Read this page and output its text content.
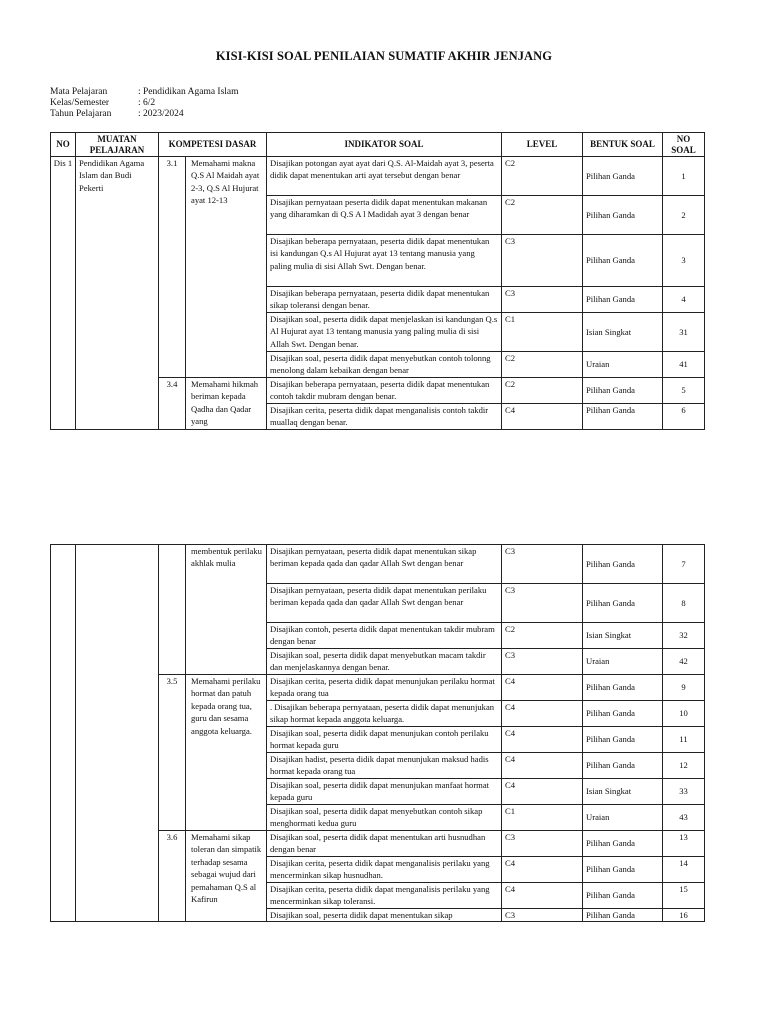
KISI-KISI SOAL PENILAIAN SUMATIF AKHIR JENJANG
Mata Pelajaran	: Pendidikan Agama Islam
Kelas/Semester	: 6/2
Tahun Pelajaran	: 2023/2024
NO	MUATAN PELAJARAN	KOMPETESI DASAR		INDIKATOR SOAL	LEVEL	BENTUK SOAL	NO SOAL
Dis 1	Pendidikan Agama Islam dan Budi Pekerti	3.1	Memahami makna Q.S Al Maidah ayat 2-3, Q.S Al Hujurat ayat 12-13	Disajikan potongan ayat ayat dari Q.S. Al-Maidah ayat 3, peserta didik dapat menentukan arti ayat tersebut dengan benar	C2	Pilihan Ganda	1
				Disajikan pernyataan peserta didik dapat menentukan makanan yang diharamkan di Q.S A l Madidah ayat 3 dengan benar	C2	Pilihan Ganda	2
				Disajikan beberapa pernyataan, peserta didik dapat menentukan isi kandungan Q.s Al Hujurat ayat 13 tentang manusia yang paling mulia di sisi Allah Swt. Dengan benar.	C3	Pilihan Ganda	3
				Disajikan beberapa pernyataan, peserta didik dapat menentukan sikap toleransi dengan benar.	C3	Pilihan Ganda	4
				Disajikan soal, peserta didik dapat menjelaskan isi kandungan Q.s Al Hujurat ayat 13 tentang manusia yang paling mulia di sisi Allah Swt. Dengan benar.	C1	Isian Singkat	31
				Disajikan soal, peserta didik dapat menyebutkan contoh tolonng menolong dalam kebaikan dengan benar	C2	Uraian	41
		3.4	Memahami hikmah beriman kepada Qadha dan Qadar yang	Disajikan beberapa pernyataan, peserta didik dapat menentukan contoh takdir mubram dengan benar.	C2	Pilihan Ganda	5
				Disajikan cerita, peserta didik dapat menganalisis contoh takdir muallaq dengan benar.	C4	Pilihan Ganda	6
			membentuk perilaku akhlak mulia	Disajikan pernyataan, peserta didik dapat menentukan sikap beriman kepada qada dan qadar Allah Swt dengan benar	C3	Pilihan Ganda	7
				Disajikan pernyataan, peserta didik dapat menentukan perilaku beriman kepada qada dan qadar Allah Swt dengan benar	C3	Pilihan Ganda	8
				Disajikan contoh, peserta didik dapat menentukan takdir mubram dengan benar	C2	Isian Singkat	32
				Disajikan soal, peserta didik dapat menyebutkan macam takdir dan menjelaskannya dengan benar.	C3	Uraian	42
		3.5	Memahami perilaku hormat dan patuh kepada orang tua, guru dan sesama anggota keluarga.	Disajikan cerita, peserta didik dapat menunjukan perilaku hormat kepada orang tua	C4	Pilihan Ganda	9
				. Disajikan beberapa pernyataan, peserta didik dapat menunjukan sikap hormat kepada anggota keluarga.	C4	Pilihan Ganda	10
				Disajikan soal, peserta didik dapat menunjukan contoh perilaku hormat kepada guru	C4	Pilihan Ganda	11
				Disajikan hadist, peserta didik dapat menunjukan maksud hadis hormat kepada orang tua	C4	Pilihan Ganda	12
				Disajikan soal, peserta didik dapat menunjukan manfaat hormat kepada guru	C4	Isian Singkat	33
				Disajikan soal, peserta didik dapat menyebutkan contoh sikap menghormati kedua guru	C1	Uraian	43
		3.6	Memahami sikap toleran dan simpatik terhadap sesama sebagai wujud dari pemahaman Q.S al Kafirun	Disajikan soal, peserta didik dapat menentukan arti husnudhan dengan benar	C3	Pilihan Ganda	13
				Disajikan cerita, peserta didik dapat menganalisis perilaku yang mencerminkan sikap husnudhan.	C4	Pilihan Ganda	14
				Disajikan cerita, peserta didik dapat menganalisis perilaku yang mencerminkan sikap toleransi.	C4	Pilihan Ganda	15
				Disajikan soal, peserta didik dapat menentukan sikap	C3	Pilihan Ganda	16
